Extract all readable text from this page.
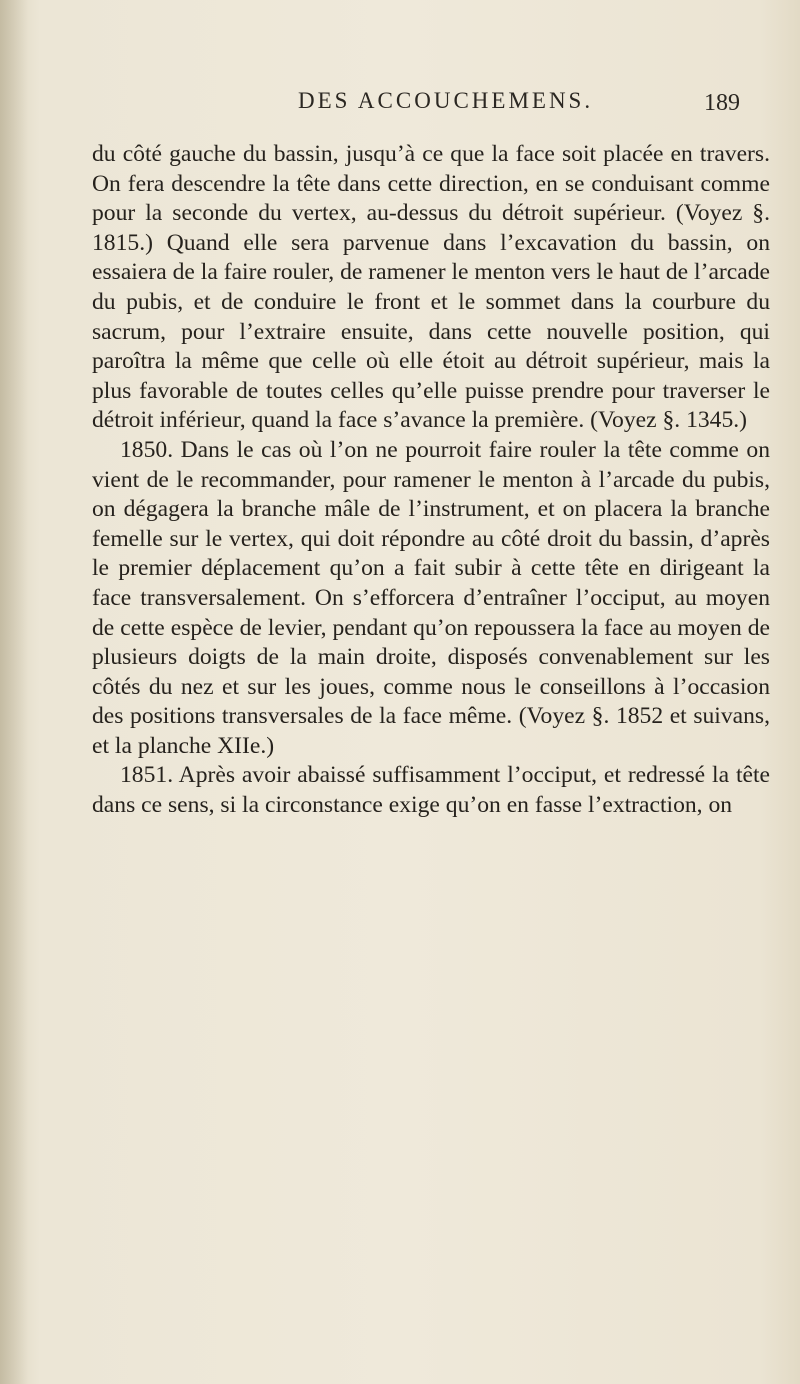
DES ACCOUCHEMENS.	189

du côté gauche du bassin, jusqu’à ce que la face soit placée en travers. On fera descendre la tête dans cette direction, en se conduisant comme pour la seconde du vertex, au-dessus du détroit supérieur. (Voyez §. 1815.) Quand elle sera parvenue dans l’excavation du bassin, on essaiera de la faire rouler, de ramener le menton vers le haut de l’arcade du pubis, et de conduire le front et le sommet dans la courbure du sacrum, pour l’extraire ensuite, dans cette nouvelle position, qui paroîtra la même que celle où elle étoit au détroit supérieur, mais la plus favorable de toutes celles qu’elle puisse prendre pour traverser le détroit inférieur, quand la face s’avance la première. (Voyez §. 1345.)

1850. Dans le cas où l’on ne pourroit faire rouler la tête comme on vient de le recommander, pour ramener le menton à l’arcade du pubis, on dégagera la branche mâle de l’instrument, et on placera la branche femelle sur le vertex, qui doit répondre au côté droit du bassin, d’après le premier déplacement qu’on a fait subir à cette tête en dirigeant la face transversalement. On s’efforcera d’entraîner l’occiput, au moyen de cette espèce de levier, pendant qu’on repoussera la face au moyen de plusieurs doigts de la main droite, disposés convenablement sur les côtés du nez et sur les joues, comme nous le conseillons à l’occasion des positions transversales de la face même. (Voyez §. 1852 et suivans, et la planche XIIe.)

1851. Après avoir abaissé suffisamment l’occiput, et redressé la tête dans ce sens, si la circonstance exige qu’on en fasse l’extraction, on
